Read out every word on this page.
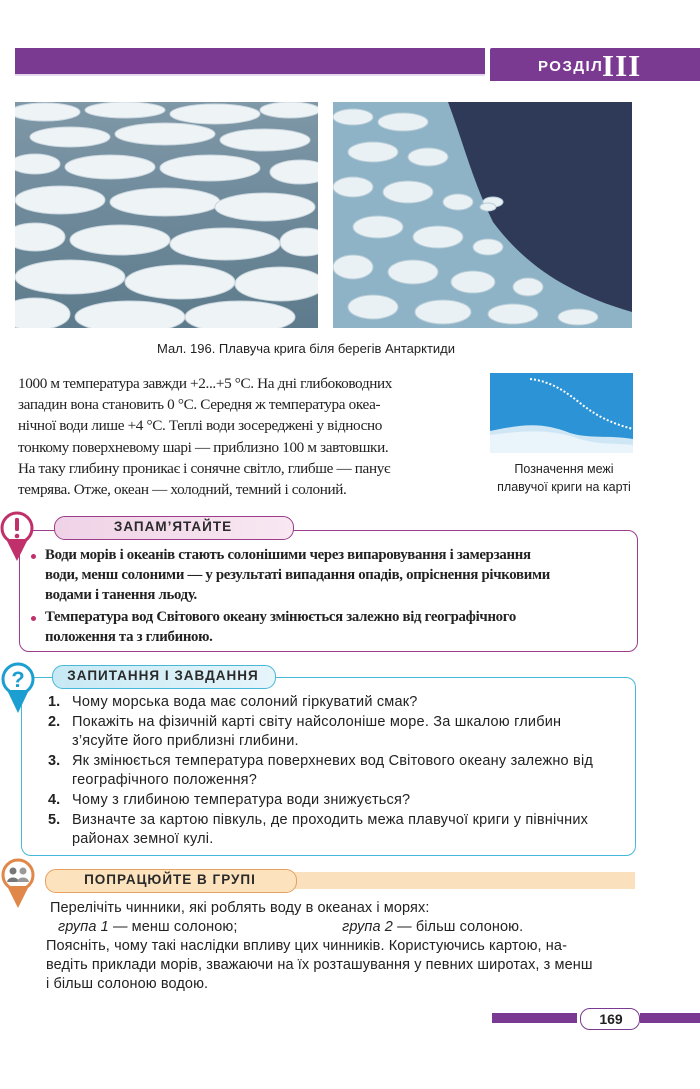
РОЗДІЛ
III
Мал. 196. Плавуча крига біля берегів Антарктиди
1000 м температура завжди +2...+5 °C. На дні глибоководних
западин вона становить 0 °C. Середня ж температура океа-
нічної води лише +4 °C. Теплі води зосереджені у відносно
тонкому поверхневому шарі — приблизно 100 м завтовшки.
На таку глибину проникає і сонячне світло, глибше — панує
темрява. Отже, океан — холодний, темний і солоний.
Позначення межі
плавучої криги на карті
ЗАПАМ’ЯТАЙТЕ
Води морів і океанів стають солонішими через випаровування і замерзання
води, менш солоними — у результаті випадання опадів, опріснення річковими
водами і танення льоду.
Температура вод Світового океану змінюється залежно від географічного
положення та з глибиною.
?	ЗАПИТАННЯ І ЗАВДАННЯ
1. Чому морська вода має солоний гіркуватий смак?
2. Покажіть на фізичній карті світу найсолоніше море. За шкалою глибин
з’ясуйте його приблизні глибини.
3. Як змінюється температура поверхневих вод Світового океану залежно від
географічного положення?
4. Чому з глибиною температура води знижується?
5. Визначте за картою півкуль, де проходить межа плавучої криги у північних
районах земної кулі.
ПОПРАЦЮЙТЕ В ГРУПІ
Перелічіть чинники, які роблять воду в океанах і морях:
група 1 — менш солоною;	група 2 — більш солоною.
Поясніть, чому такі наслідки впливу цих чинників. Користуючись картою, на-
ведіть приклади морів, зважаючи на їх розташування у певних широтах, з менш
і більш солоною водою.
169
